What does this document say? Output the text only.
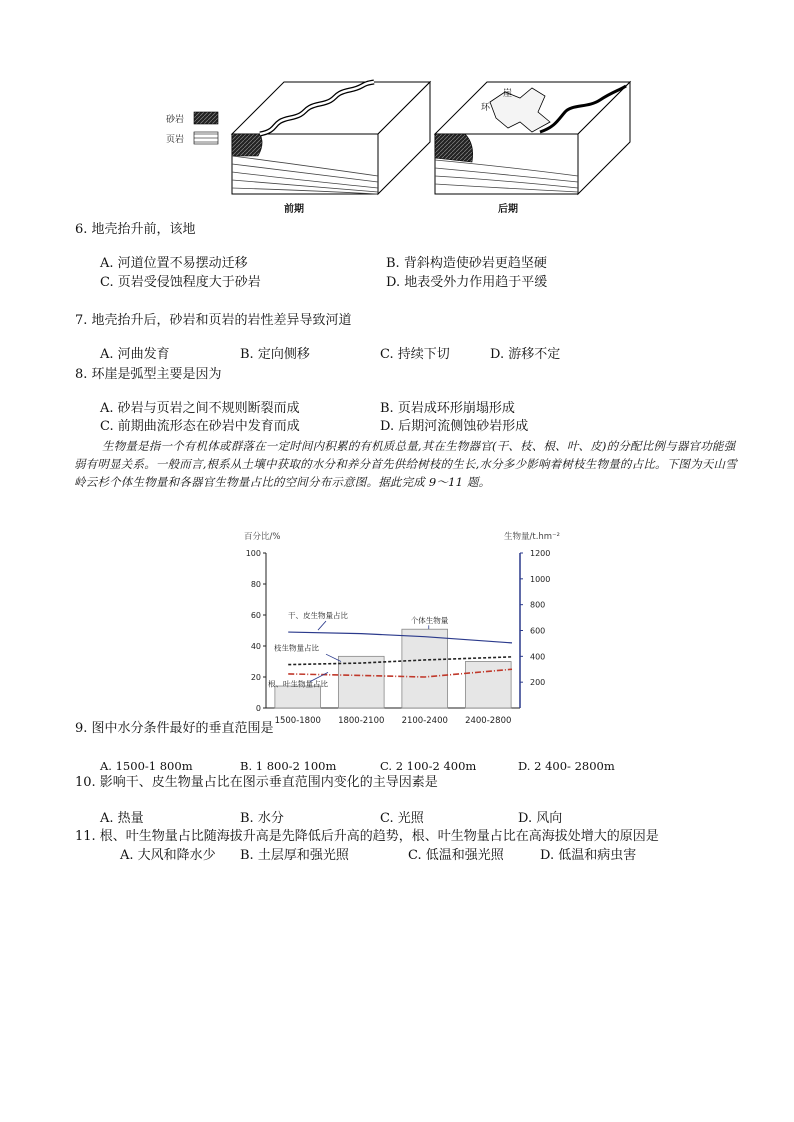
砂岩
页岩
崖
环
前期	后期
6. 地壳抬升前，该地
A. 河道位置不易摆动迁移	B. 背斜构造使砂岩更趋坚硬
C. 页岩受侵蚀程度大于砂岩	D. 地表受外力作用趋于平缓
7. 地壳抬升后，砂岩和页岩的岩性差异导致河道
A. 河曲发育	B. 定向侧移	C. 持续下切	D. 游移不定
8. 环崖是弧型主要是因为
A. 砂岩与页岩之间不规则断裂而成	B. 页岩成环形崩塌形成
C. 前期曲流形态在砂岩中发育而成	D. 后期河流侧蚀砂岩形成
生物量是指一个有机体或群落在一定时间内积累的有机质总量,其在生物器官(干、枝、根、叶、皮)的分配比例与器官功能强弱有明显关系。一般而言,根系从土壤中获取的水分和养分首先供给树枝的生长,水分多少影响着树枝生物量的占比。下图为天山雪岭云杉个体生物量和各器官生物量占比的空间分布示意图。据此完成 9～11 题。
0
20
40
60
80
100
200
400
600
800
1000
1200
百分比/%	生物量/t.hm⁻²
1500-1800 1800-2100 2100-2400 2400-2800
干、皮生物量占比
枝生物量占比
根、叶生物量占比
个体生物量
9. 图中水分条件最好的垂直范围是
A. 1500-1 800m	B. 1 800-2 100m	C. 2 100-2 400m	D. 2 400- 2800m
10. 影响干、皮生物量占比在图示垂直范围内变化的主导因素是
A. 热量	B. 水分	C. 光照	D. 风向
11. 根、叶生物量占比随海拔升高是先降低后升高的趋势，根、叶生物量占比在高海拔处增大的原因是
A. 大风和降水少 B. 土层厚和强光照	C. 低温和强光照	D. 低温和病虫害
